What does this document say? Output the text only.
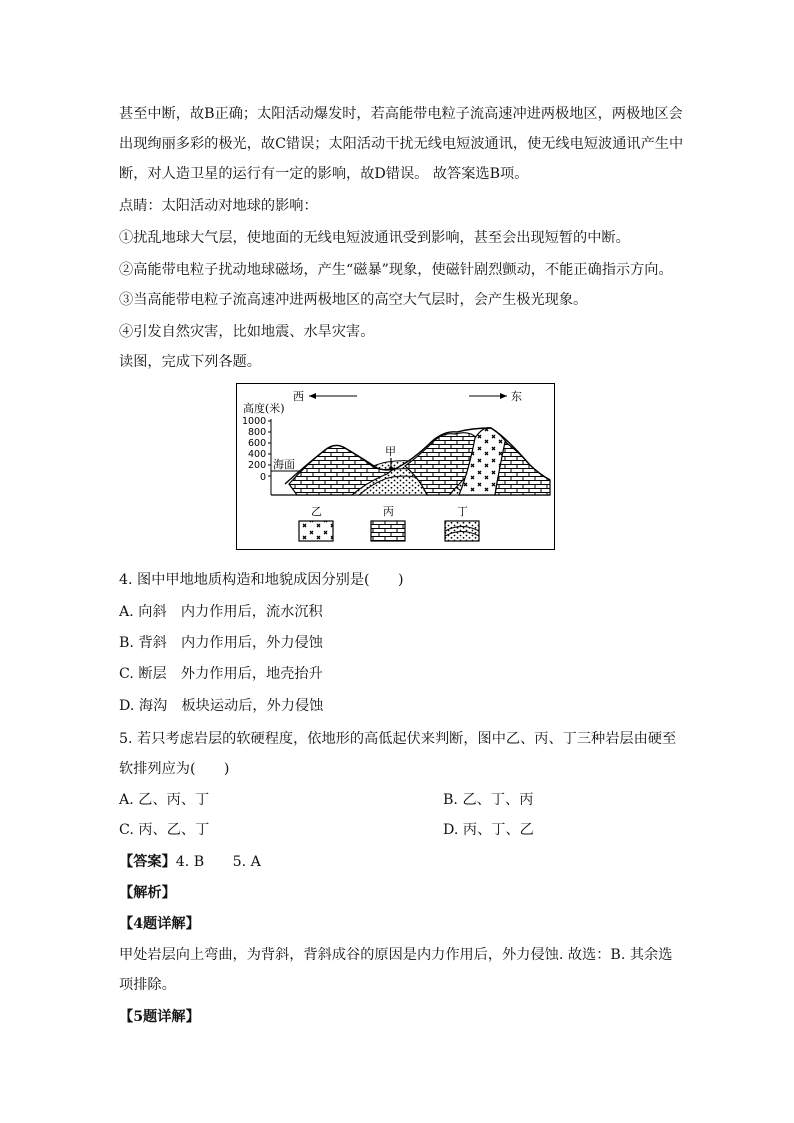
甚至中断，故B正确；太阳活动爆发时，若高能带电粒子流高速冲进两极地区，两极地区会
出现绚丽多彩的极光，故C错误；太阳活动干扰无线电短波通讯，使无线电短波通讯产生中
断，对人造卫星的运行有一定的影响，故D错误。 故答案选B项。
点睛：太阳活动对地球的影响：
①扰乱地球大气层，使地面的无线电短波通讯受到影响，甚至会出现短暂的中断。
②高能带电粒子扰动地球磁场，产生“磁暴”现象，使磁针剧烈颤动，不能正确指示方向。
③当高能带电粒子流高速冲进两极地区的高空大气层时，会产生极光现象。
④引发自然灾害，比如地震、水旱灾害。
读图，完成下列各题。
西	东
高度(米)
1000
800
600
400
200
0
海面
甲
乙	丙	丁
4. 图中甲地地质构造和地貌成因分别是(　　)
A. 向斜　内力作用后，流水沉积
B. 背斜　内力作用后，外力侵蚀
C. 断层　外力作用后，地壳抬升
D. 海沟　板块运动后，外力侵蚀
5. 若只考虑岩层的软硬程度，依地形的高低起伏来判断，图中乙、丙、丁三种岩层由硬至
软排列应为(　　)
A. 乙、丙、丁	B. 乙、丁、丙
C. 丙、乙、丁	D. 丙、丁、乙
【答案】4. B　　5. A
【解析】
【4题详解】
甲处岩层向上弯曲，为背斜，背斜成谷的原因是内力作用后，外力侵蚀. 故选：B. 其余选
项排除。
【5题详解】
